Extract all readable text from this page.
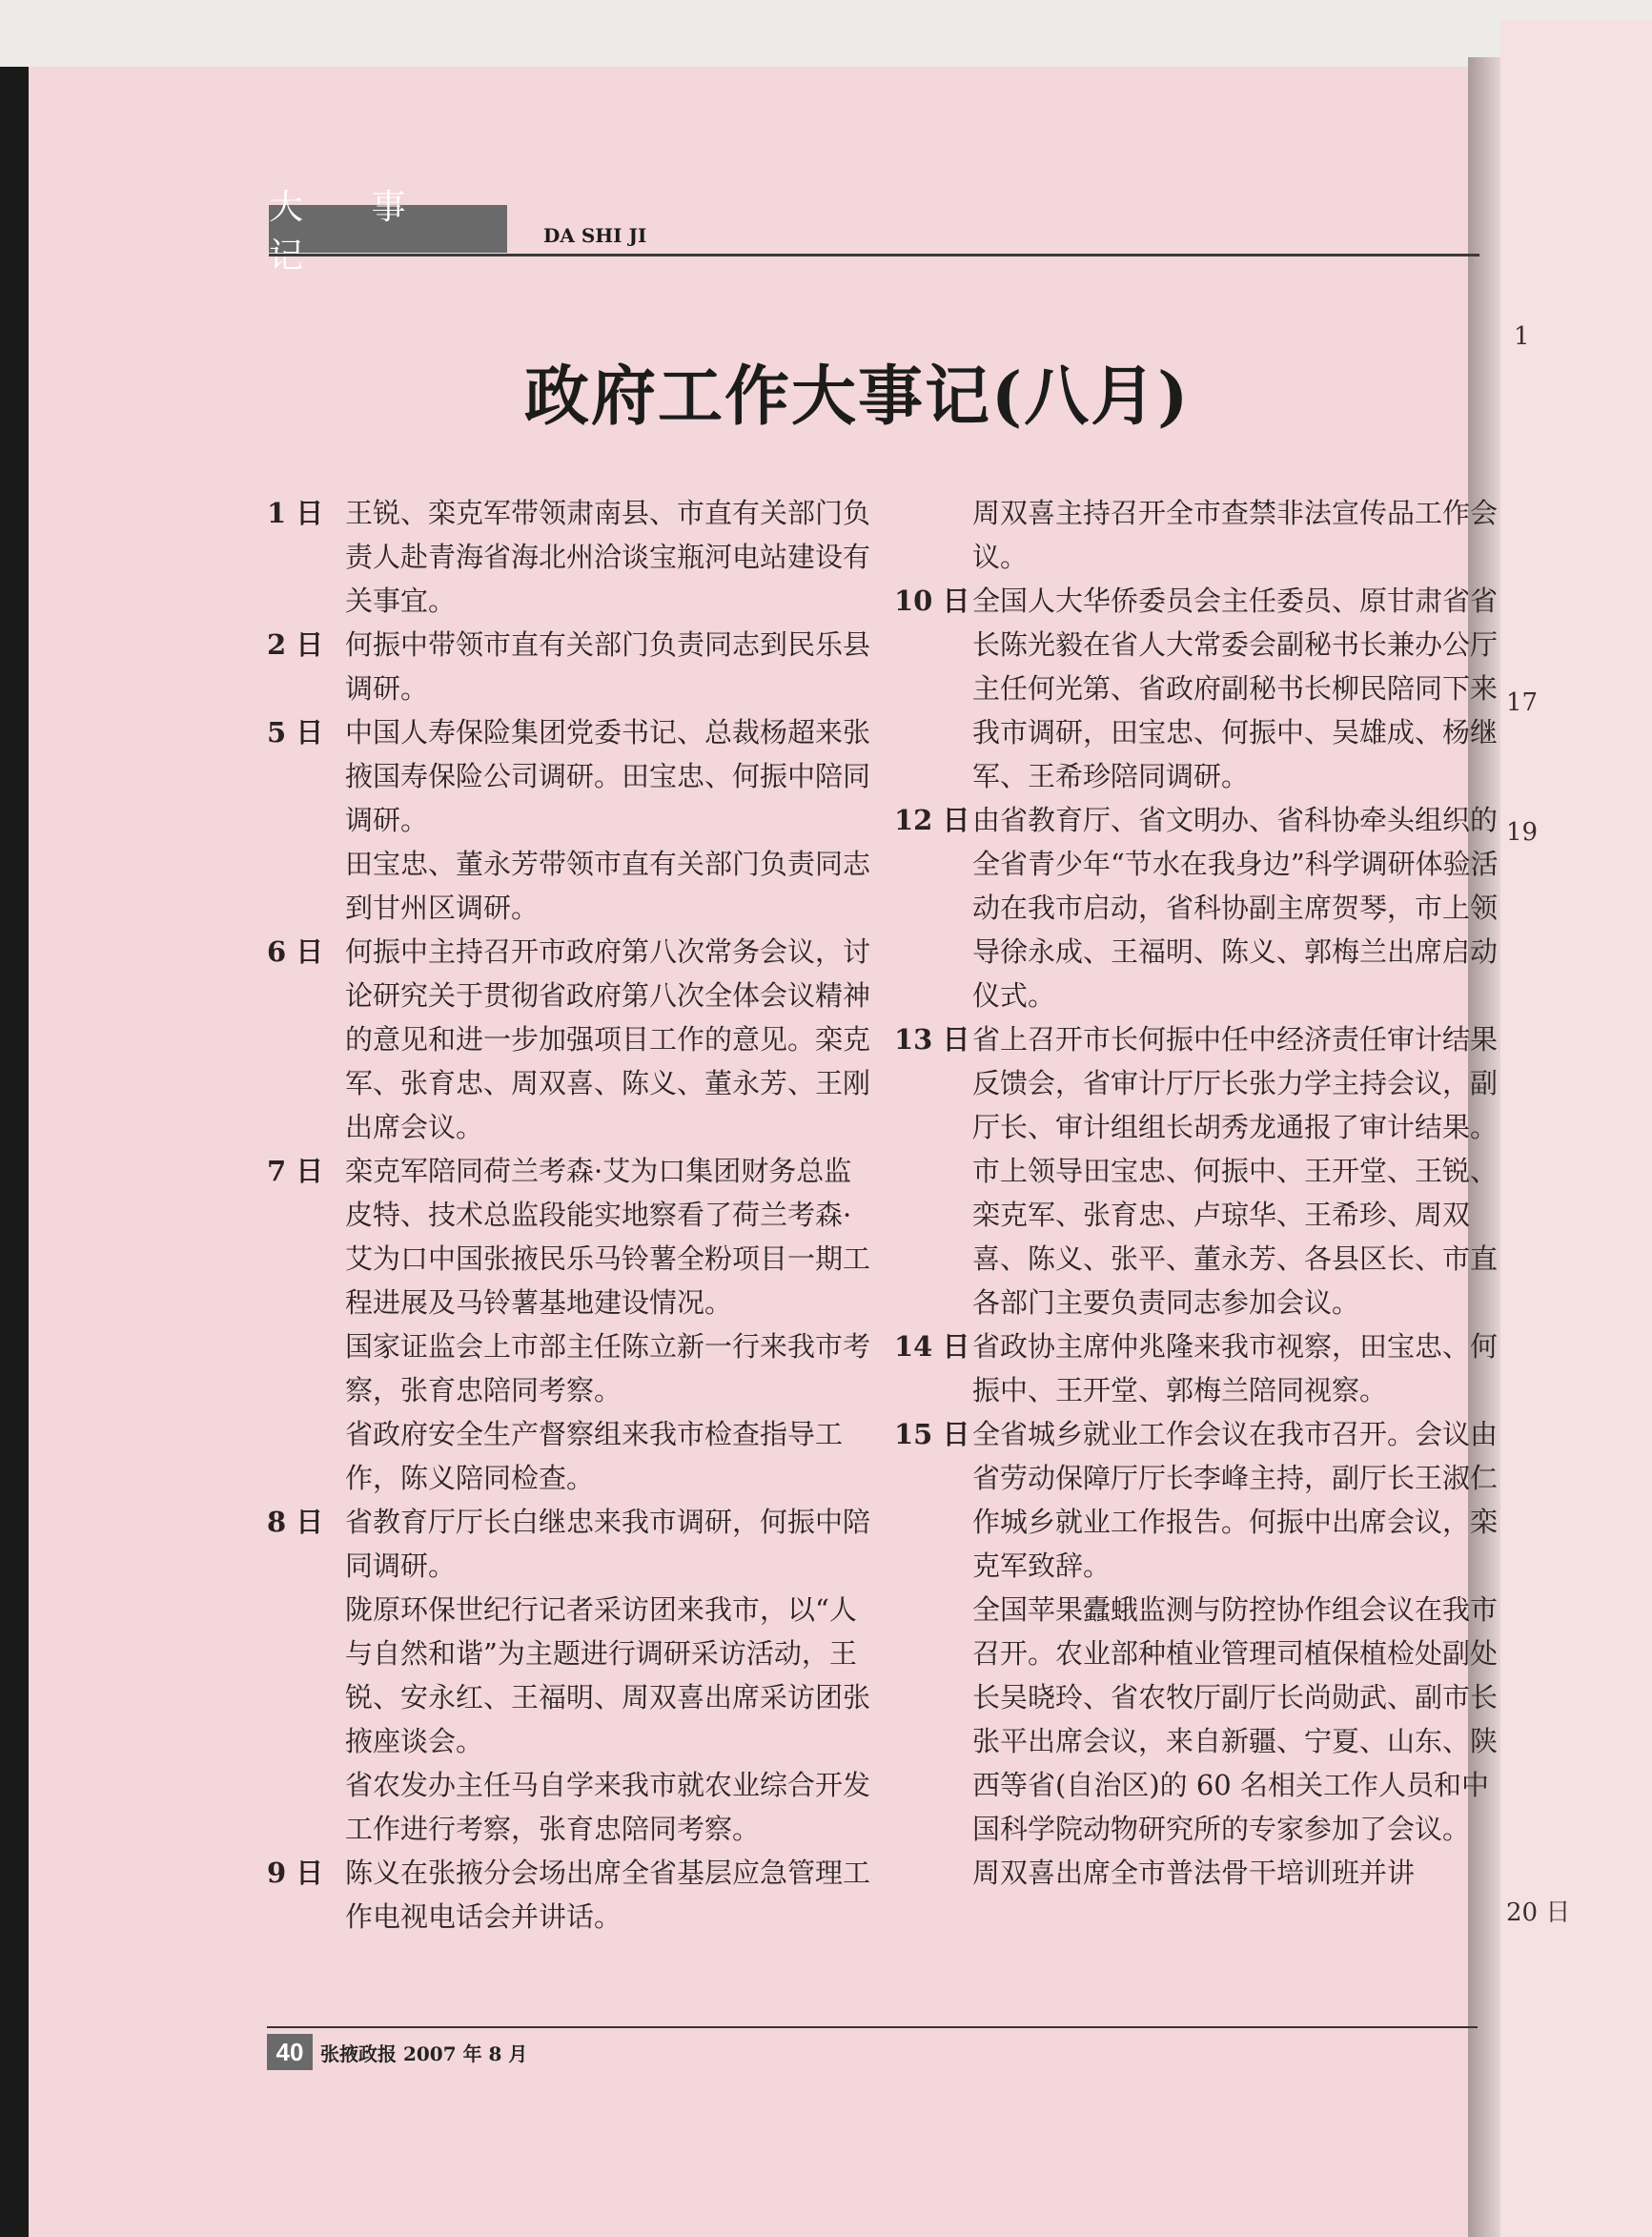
1
17
19
20 日
大 事
DA SHI JI
政府工作大事记(八月)
1 日 王锐、栾克军带领肃南县、市直有关部门负责人赴青海省海北州洽谈宝瓶河电站建设有关事宜。

2 日 何振中带领市直有关部门负责同志到民乐县调研。

5 日 中国人寿保险集团党委书记、总裁杨超来张掖国寿保险公司调研。田宝忠、何振中陪同调研。

田宝忠、董永芳带领市直有关部门负责同志到甘州区调研。

6 日 何振中主持召开市政府第八次常务会议，讨论研究关于贯彻省政府第八次全体会议精神的意见和进一步加强项目工作的意见。栾克军、张育忠、周双喜、陈义、董永芳、王刚出席会议。

7 日 栾克军陪同荷兰考森·艾为口集团财务总监皮特、技术总监段能实地察看了荷兰考森·艾为口中国张掖民乐马铃薯全粉项目一期工程进展及马铃薯基地建设情况。

国家证监会上市部主任陈立新一行来我市考察，张育忠陪同考察。

省政府安全生产督察组来我市检查指导工作，陈义陪同检查。

8 日 省教育厅厅长白继忠来我市调研，何振中陪同调研。

陇原环保世纪行记者采访团来我市，以“人与自然和谐”为主题进行调研采访活动，王锐、安永红、王福明、周双喜出席采访团张掖座谈会。

省农发办主任马自学来我市就农业综合开发工作进行考察，张育忠陪同考察。

9 日 陈义在张掖分会场出席全省基层应急管理工作电视电话会并讲话。

周双喜主持召开全市查禁非法宣传品工作会议。

10 日 全国人大华侨委员会主任委员、原甘肃省省长陈光毅在省人大常委会副秘书长兼办公厅主任何光第、省政府副秘书长柳民陪同下来我市调研，田宝忠、何振中、吴雄成、杨继军、王希珍陪同调研。

12 日 由省教育厅、省文明办、省科协牵头组织的全省青少年“节水在我身边”科学调研体验活动在我市启动，省科协副主席贺琴，市上领导徐永成、王福明、陈义、郭梅兰出席启动仪式。

13 日 省上召开市长何振中任中经济责任审计结果反馈会，省审计厅厅长张力学主持会议，副厅长、审计组组长胡秀龙通报了审计结果。市上领导田宝忠、何振中、王开堂、王锐、栾克军、张育忠、卢琼华、王希珍、周双喜、陈义、张平、董永芳、各县区长、市直各部门主要负责同志参加会议。

14 日 省政协主席仲兆隆来我市视察，田宝忠、何振中、王开堂、郭梅兰陪同视察。

15 日 全省城乡就业工作会议在我市召开。会议由省劳动保障厅厅长李峰主持，副厅长王淑仁作城乡就业工作报告。何振中出席会议，栾克军致辞。

全国苹果蠹蛾监测与防控协作组会议在我市召开。农业部种植业管理司植保植检处副处长吴晓玲、省农牧厅副厅长尚勋武、副市长张平出席会议，来自新疆、宁夏、山东、陕西等省(自治区)的 60 名相关工作人员和中国科学院动物研究所的专家参加了会议。

周双喜出席全市普法骨干培训班并讲

40 张掖政报 2007 年 8 月
